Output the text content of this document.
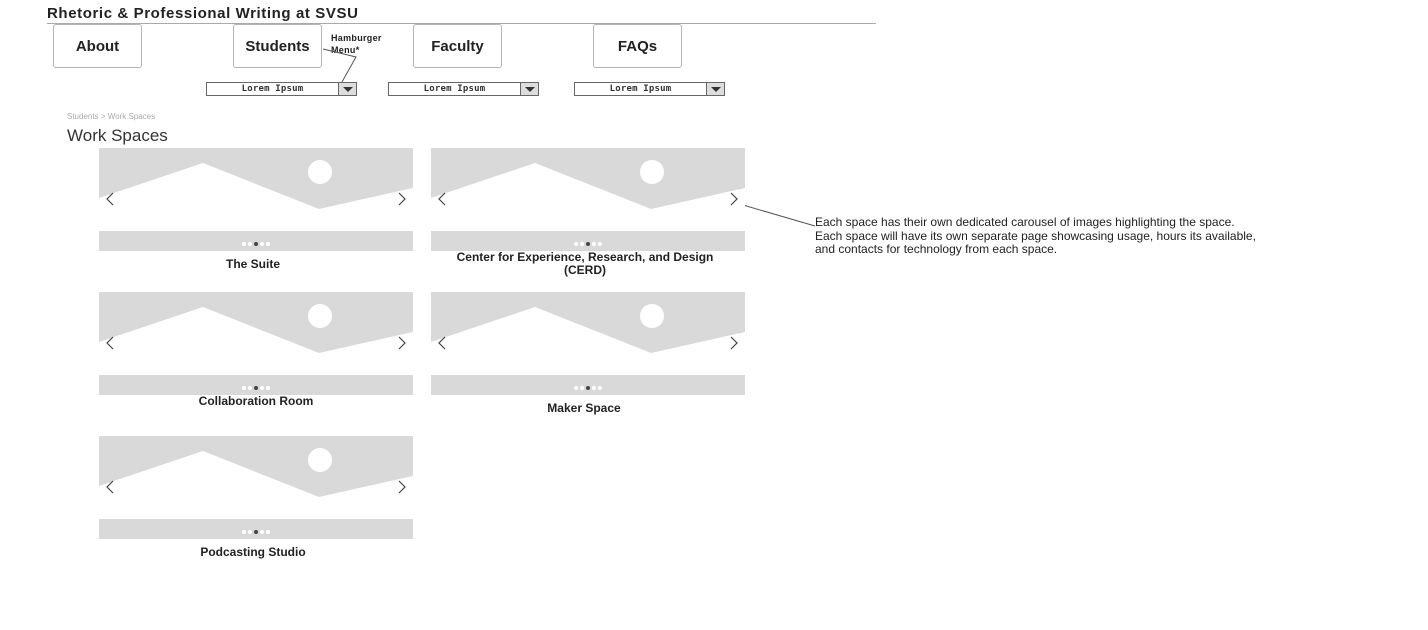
Rhetoric & Professional Writing at SVSU
About	Students	Faculty	FAQs
Hamburger
Menu*
Lorem Ipsum	Lorem Ipsum	Lorem Ipsum
Students > Work Spaces
Work Spaces
The Suite	Center for Experience, Research, and Design
(CERD)
Collaboration Room	Maker Space
Podcasting Studio
Each space has their own dedicated carousel of images highlighting the space.
Each space will have its own separate page showcasing usage, hours its available,
and contacts for technology from each space.
